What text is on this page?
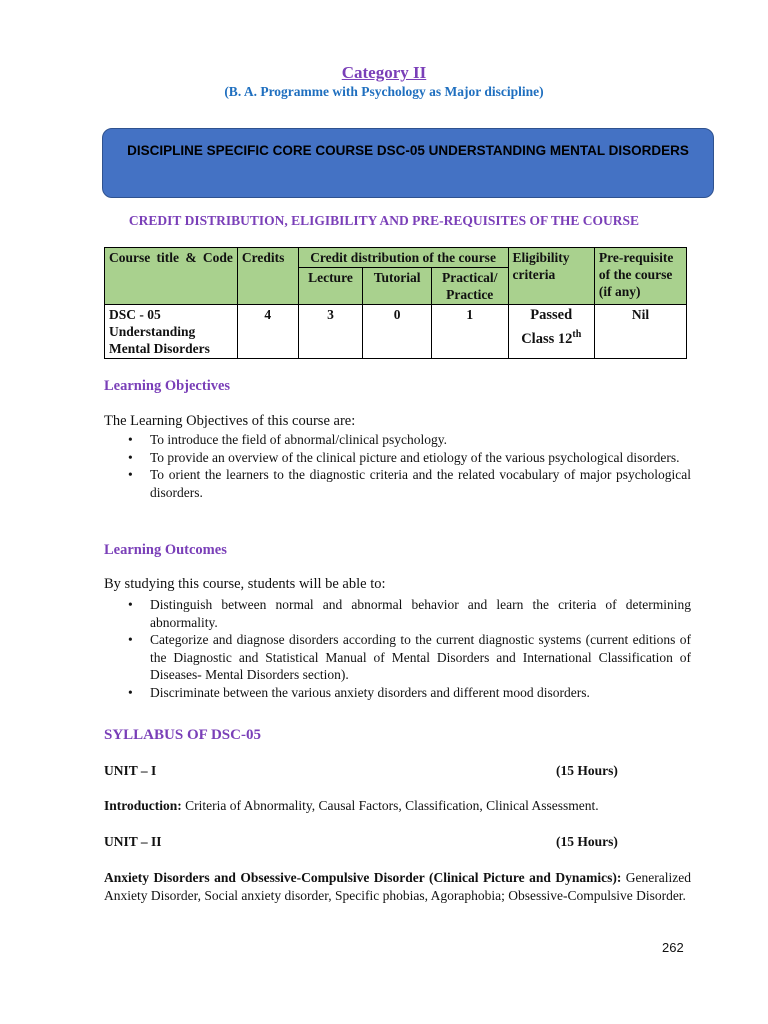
Category II
(B. A. Programme with Psychology as Major discipline)
DISCIPLINE SPECIFIC CORE COURSE DSC-05 UNDERSTANDING MENTAL DISORDERS
CREDIT DISTRIBUTION, ELIGIBILITY AND PRE-REQUISITES OF THE COURSE
Course title & Code	Credits	Credit distribution of the course			Eligibility criteria	Pre-requisite of the course (if any)
		Lecture	Tutorial	Practical/ Practice		
DSC - 05 Understanding Mental Disorders	4	3	0	1	Passed Class 12th	Nil
Learning Objectives
The Learning Objectives of this course are:
• To introduce the field of abnormal/clinical psychology.
• To provide an overview of the clinical picture and etiology of the various psychological disorders.
• To orient the learners to the diagnostic criteria and the related vocabulary of major psychological disorders.
Learning Outcomes
By studying this course, students will be able to:
• Distinguish between normal and abnormal behavior and learn the criteria of determining abnormality.
• Categorize and diagnose disorders according to the current diagnostic systems (current editions of the Diagnostic and Statistical Manual of Mental Disorders and International Classification of Diseases- Mental Disorders section).
• Discriminate between the various anxiety disorders and different mood disorders.
SYLLABUS OF DSC-05
UNIT – I	(15 Hours)
Introduction: Criteria of Abnormality, Causal Factors, Classification, Clinical Assessment.
UNIT – II	(15 Hours)
Anxiety Disorders and Obsessive-Compulsive Disorder (Clinical Picture and Dynamics): Generalized Anxiety Disorder, Social anxiety disorder, Specific phobias, Agoraphobia; Obsessive-Compulsive Disorder.
262
